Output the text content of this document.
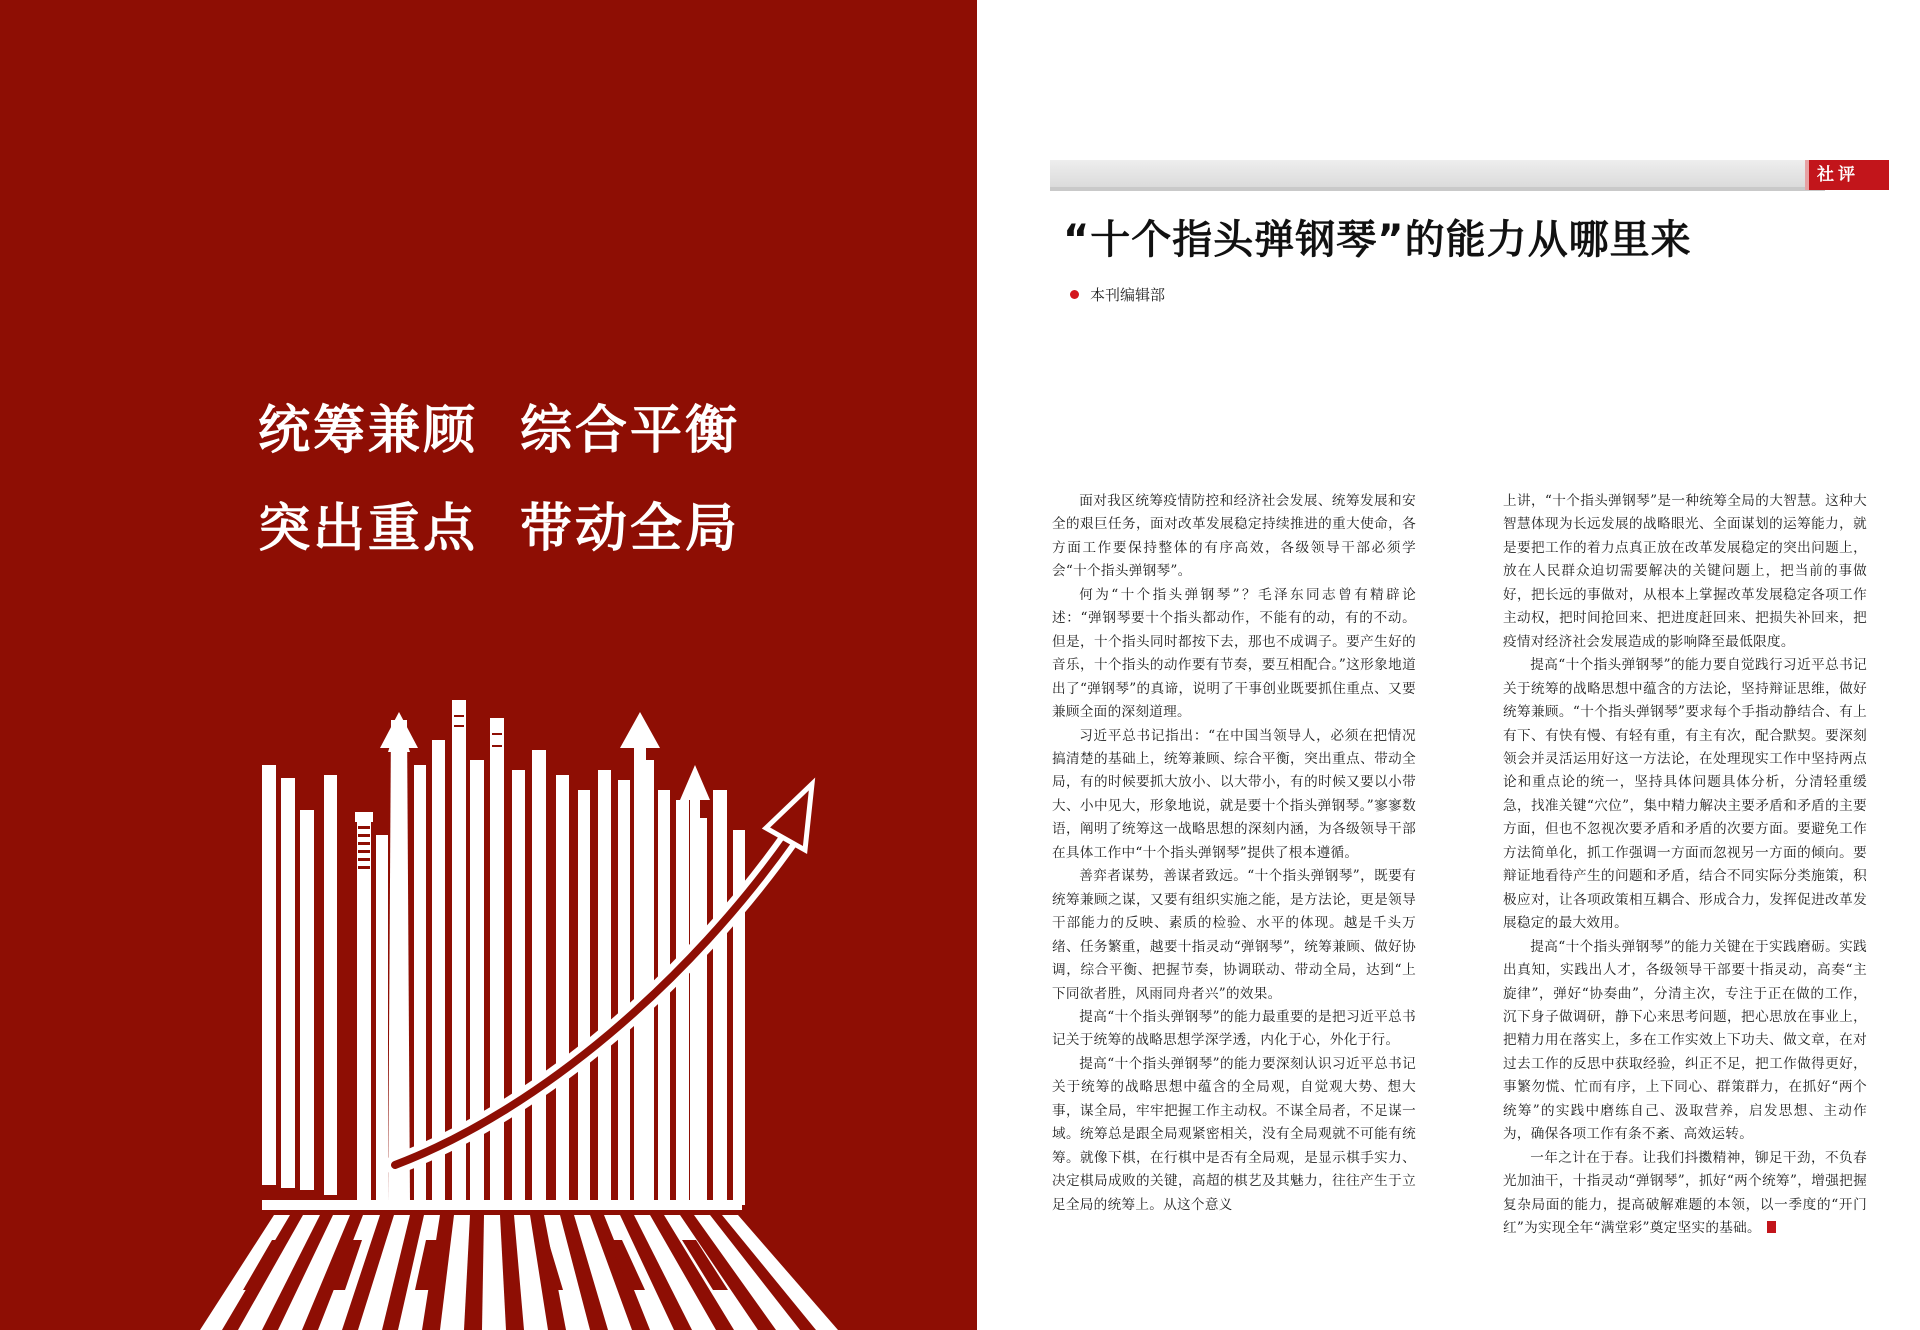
统筹兼顾 综合平衡
突出重点 带动全局
社评
“十个指头弹钢琴”的能力从哪里来
本刊编辑部

面对我区统筹疫情防控和经济社会发展、统筹发展和安全的艰巨任务，面对改革发展稳定持续推进的重大使命，各方面工作要保持整体的有序高效，各级领导干部必须学会“十个指头弹钢琴”。

何为“十个指头弹钢琴”？毛泽东同志曾有精辟论述：“弹钢琴要十个指头都动作，不能有的动，有的不动。但是，十个指头同时都按下去，那也不成调子。要产生好的音乐，十个指头的动作要有节奏，要互相配合。”这形象地道出了“弹钢琴”的真谛，说明了干事创业既要抓住重点、又要兼顾全面的深刻道理。

习近平总书记指出：“在中国当领导人，必须在把情况搞清楚的基础上，统筹兼顾、综合平衡，突出重点、带动全局，有的时候要抓大放小、以大带小，有的时候又要以小带大、小中见大，形象地说，就是要十个指头弹钢琴。”寥寥数语，阐明了统筹这一战略思想的深刻内涵，为各级领导干部在具体工作中“十个指头弹钢琴”提供了根本遵循。

善弈者谋势，善谋者致远。“十个指头弹钢琴”，既要有统筹兼顾之谋，又要有组织实施之能，是方法论，更是领导干部能力的反映、素质的检验、水平的体现。越是千头万绪、任务繁重，越要十指灵动“弹钢琴”，统筹兼顾、做好协调，综合平衡、把握节奏，协调联动、带动全局，达到“上下同欲者胜，风雨同舟者兴”的效果。

提高“十个指头弹钢琴”的能力最重要的是把习近平总书记关于统筹的战略思想学深学透，内化于心，外化于行。

提高“十个指头弹钢琴”的能力要深刻认识习近平总书记关于统筹的战略思想中蕴含的全局观，自觉观大势、想大事，谋全局，牢牢把握工作主动权。不谋全局者，不足谋一域。统筹总是跟全局观紧密相关，没有全局观就不可能有统筹。就像下棋，在行棋中是否有全局观，是显示棋手实力、决定棋局成败的关键，高超的棋艺及其魅力，往往产生于立足全局的统筹上。从这个意义

上讲，“十个指头弹钢琴”是一种统筹全局的大智慧。这种大智慧体现为长远发展的战略眼光、全面谋划的运筹能力，就是要把工作的着力点真正放在改革发展稳定的突出问题上，放在人民群众迫切需要解决的关键问题上，把当前的事做好，把长远的事做对，从根本上掌握改革发展稳定各项工作主动权，把时间抢回来、把进度赶回来、把损失补回来，把疫情对经济社会发展造成的影响降至最低限度。

提高“十个指头弹钢琴”的能力要自觉践行习近平总书记关于统筹的战略思想中蕴含的方法论，坚持辩证思维，做好统筹兼顾。“十个指头弹钢琴”要求每个手指动静结合、有上有下、有快有慢、有轻有重，有主有次，配合默契。要深刻领会并灵活运用好这一方法论，在处理现实工作中坚持两点论和重点论的统一，坚持具体问题具体分析，分清轻重缓急，找准关键“穴位”，集中精力解决主要矛盾和矛盾的主要方面，但也不忽视次要矛盾和矛盾的次要方面。要避免工作方法简单化，抓工作强调一方面而忽视另一方面的倾向。要辩证地看待产生的问题和矛盾，结合不同实际分类施策，积极应对，让各项政策相互耦合、形成合力，发挥促进改革发展稳定的最大效用。

提高“十个指头弹钢琴”的能力关键在于实践磨砺。实践出真知，实践出人才，各级领导干部要十指灵动，高奏“主旋律”，弹好“协奏曲”，分清主次，专注于正在做的工作，沉下身子做调研，静下心来思考问题，把心思放在事业上，把精力用在落实上，多在工作实效上下功夫、做文章，在对过去工作的反思中获取经验，纠正不足，把工作做得更好，事繁勿慌、忙而有序，上下同心、群策群力，在抓好“两个统筹”的实践中磨练自己、汲取营养，启发思想、主动作为，确保各项工作有条不紊、高效运转。

一年之计在于春。让我们抖擞精神，铆足干劲，不负春光加油干，十指灵动“弹钢琴”，抓好“两个统筹”，增强把握复杂局面的能力，提高破解难题的本领，以一季度的“开门红”为实现全年“满堂彩”奠定坚实的基础。
